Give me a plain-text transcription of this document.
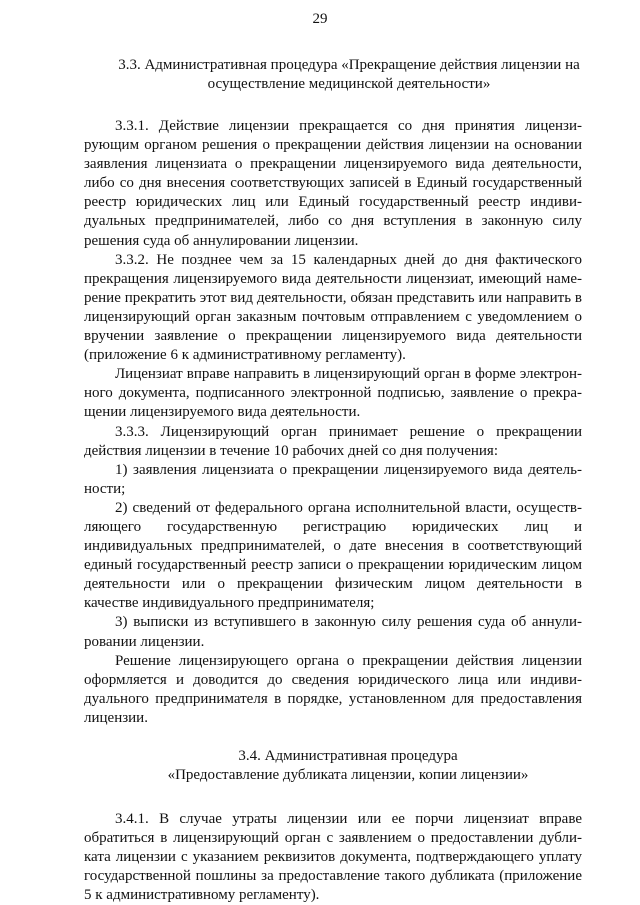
29
3.3. Административная процедура «Прекращение действия лицензии на
осуществление медицинской деятельности»

3.3.1. Действие лицензии прекращается со дня принятия лицензирующим органом решения о прекращении действия лицензии на основании заявления лицензиата о прекращении лицензируемого вида деятельности, либо со дня внесения соответствующих записей в Единый государственный реестр юридических лиц или Единый государственный реестр индивидуальных предпринимателей, либо со дня вступления в законную силу решения суда об аннулировании лицензии.

3.3.2. Не позднее чем за 15 календарных дней до дня фактического прекращения лицензируемого вида деятельности лицензиат, имеющий намерение прекратить этот вид деятельности, обязан представить или направить в лицензирующий орган заказным почтовым отправлением с уведомлением о вручении заявление о прекращении лицензируемого вида деятельности (приложение 6 к административному регламенту).

Лицензиат вправе направить в лицензирующий орган в форме электронного документа, подписанного электронной подписью, заявление о прекращении лицензируемого вида деятельности.

3.3.3. Лицензирующий орган принимает решение о прекращении действия лицензии в течение 10 рабочих дней со дня получения:

1) заявления лицензиата о прекращении лицензируемого вида деятельности;

2) сведений от федерального органа исполнительной власти, осуществляющего государственную регистрацию юридических лиц и индивидуальных предпринимателей, о дате внесения в соответствующий единый государственный реестр записи о прекращении юридическим лицом деятельности или о прекращении физическим лицом деятельности в качестве индивидуального предпринимателя;

3) выписки из вступившего в законную силу решения суда об аннулировании лицензии.

Решение лицензирующего органа о прекращении действия лицензии оформляется и доводится до сведения юридического лица или индивидуального предпринимателя в порядке, установленном для предоставления лицензии.

3.4. Административная процедура
«Предоставление дубликата лицензии, копии лицензии»

3.4.1. В случае утраты лицензии или ее порчи лицензиат вправе обратиться в лицензирующий орган с заявлением о предоставлении дубликата лицензии с указанием реквизитов документа, подтверждающего уплату государственной пошлины за предоставление такого дубликата (приложение 5 к административному регламенту).
